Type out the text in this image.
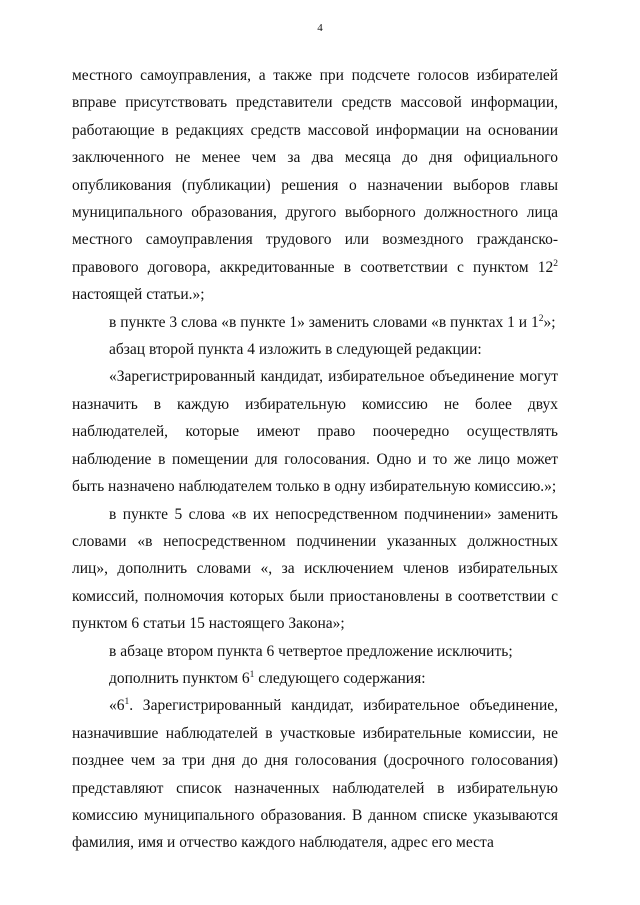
4

местного самоуправления, а также при подсчете голосов избирателей вправе присутствовать представители средств массовой информации, работающие в редакциях средств массовой информации на основании заключенного не менее чем за два месяца до дня официального опубликования (публикации) решения о назначении выборов главы муниципального образования, другого выборного должностного лица местного самоуправления трудового или возмездного гражданско-правового договора, аккредитованные в соответствии с пунктом $12^2$ настоящей статьи.»;

в пункте 3 слова «в пункте 1» заменить словами «в пунктах 1 и $1^2$»;

абзац второй пункта 4 изложить в следующей редакции:

«Зарегистрированный кандидат, избирательное объединение могут назначить в каждую избирательную комиссию не более двух наблюдателей, которые имеют право поочередно осуществлять наблюдение в помещении для голосования. Одно и то же лицо может быть назначено наблюдателем только в одну избирательную комиссию.»;

в пункте 5 слова «в их непосредственном подчинении» заменить словами «в непосредственном подчинении указанных должностных лиц», дополнить словами «, за исключением членов избирательных комиссий, полномочия которых были приостановлены в соответствии с пунктом 6 статьи 15 настоящего Закона»;

в абзаце втором пункта 6 четвертое предложение исключить;

дополнить пунктом $6^1$ следующего содержания:

«$6^1$. Зарегистрированный кандидат, избирательное объединение, назначившие наблюдателей в участковые избирательные комиссии, не позднее чем за три дня до дня голосования (досрочного голосования) представляют список назначенных наблюдателей в избирательную комиссию муниципального образования. В данном списке указываются фамилия, имя и отчество каждого наблюдателя, адрес его места
